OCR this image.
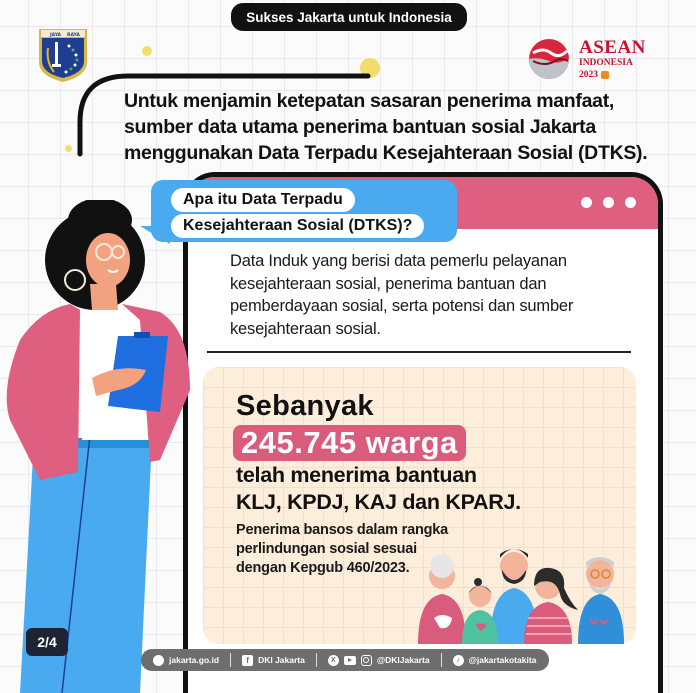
Sukses Jakarta untuk Indonesia
JAYA RAYA
ASEAN
INDONESIA
2023
Untuk menjamin ketepatan sasaran penerima manfaat, sumber data utama penerima bantuan sosial Jakarta menggunakan Data Terpadu Kesejahteraan Sosial (DTKS).
Apa itu Data Terpadu
Kesejahteraan Sosial (DTKS)?
Data Induk yang berisi data pemerlu pelayanan kesejahteraan sosial, penerima bantuan dan pemberdayaan sosial, serta potensi dan sumber kesejahteraan sosial.
Sebanyak
245.745 warga
telah menerima bantuan
KLJ, KPDJ, KAJ dan KPARJ.
Penerima bansos dalam rangka
perlindungan sosial sesuai
dengan Kepgub 460/2023.
2/4
jakarta.go.id	f	DKI Jakarta	X	@DKIJakarta	♪	@jakartakotakita
